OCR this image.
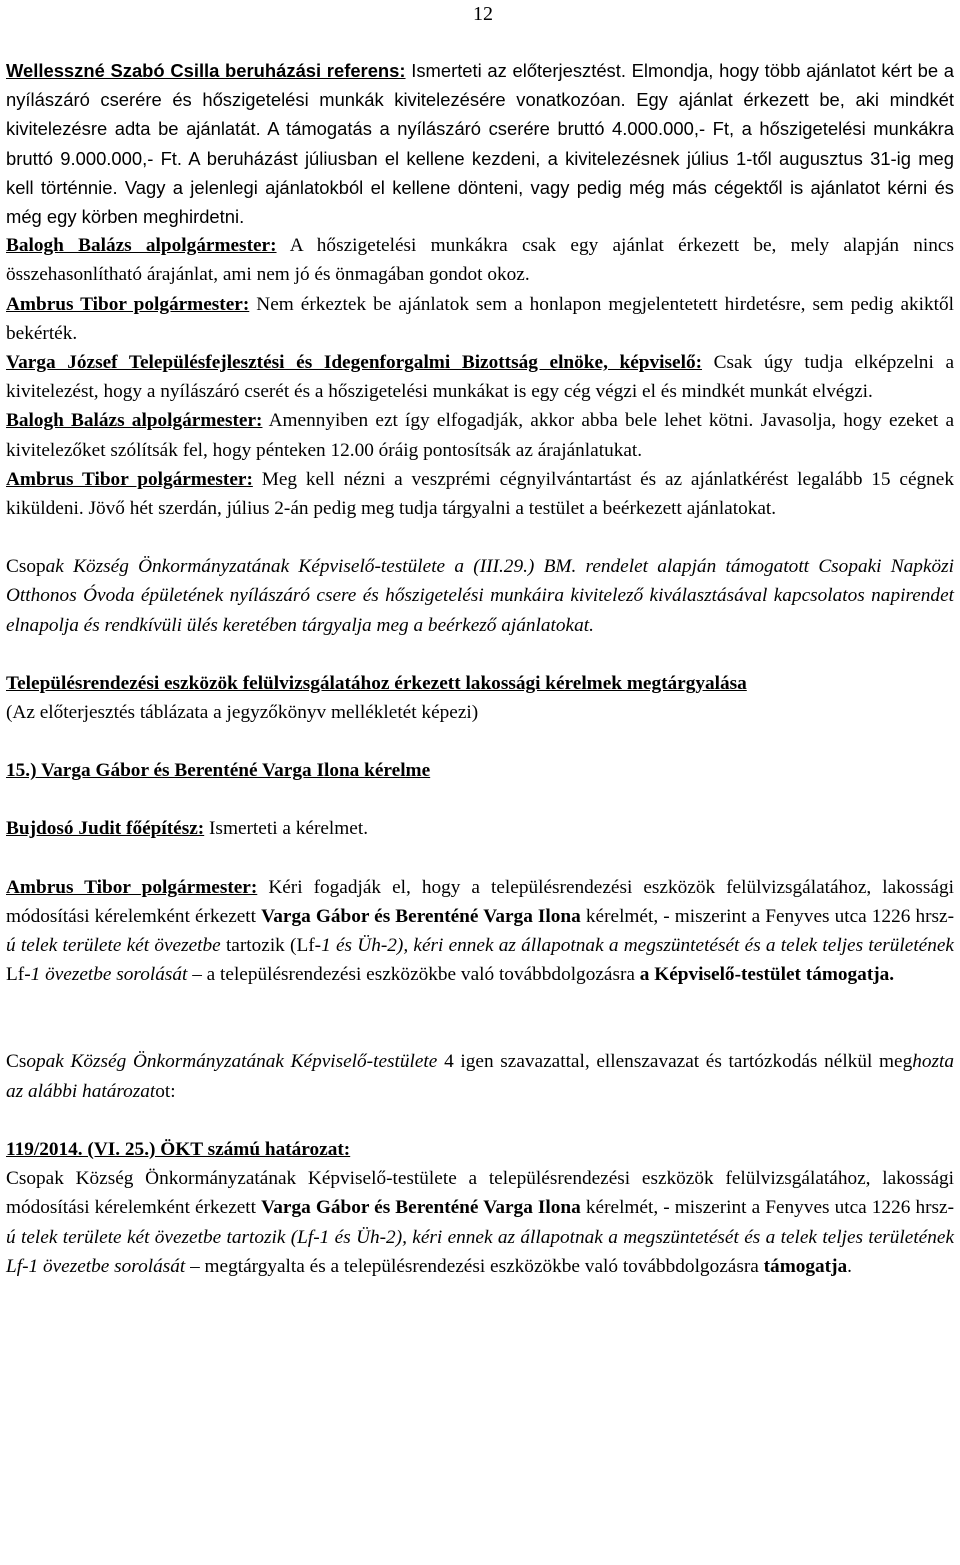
12

Wellesszné Szabó Csilla beruházási referens: Ismerteti az előterjesztést. Elmondja, hogy több ajánlatot kért be a nyílászáró cserére és hőszigetelési munkák kivitelezésére vonatkozóan. Egy ajánlat érkezett be, aki mindkét kivitelezésre adta be ajánlatát. A támogatás a nyílászáró cserére bruttó 4.000.000,- Ft, a hőszigetelési munkákra bruttó 9.000.000,- Ft. A beruházást júliusban el kellene kezdeni, a kivitelezésnek július 1-től augusztus 31-ig meg kell történnie. Vagy a jelenlegi ajánlatokból el kellene dönteni, vagy pedig még más cégektől is ajánlatot kérni és még egy körben meghirdetni.

Balogh Balázs alpolgármester: A hőszigetelési munkákra csak egy ajánlat érkezett be, mely alapján nincs összehasonlítható árajánlat, ami nem jó és önmagában gondot okoz.

Ambrus Tibor polgármester: Nem érkeztek be ajánlatok sem a honlapon megjelentetett hirdetésre, sem pedig akiktől bekérték.

Varga József Településfejlesztési és Idegenforgalmi Bizottság elnöke, képviselő: Csak úgy tudja elképzelni a kivitelezést, hogy a nyílászáró cserét és a hőszigetelési munkákat is egy cég végzi el és mindkét munkát elvégzi.

Balogh Balázs alpolgármester: Amennyiben ezt így elfogadják, akkor abba bele lehet kötni. Javasolja, hogy ezeket a kivitelezőket szólítsák fel, hogy pénteken 12.00 óráig pontosítsák az árajánlatukat.

Ambrus Tibor polgármester: Meg kell nézni a veszprémi cégnyilvántartást és az ajánlatkérést legalább 15 cégnek kiküldeni. Jövő hét szerdán, július 2-án pedig meg tudja tárgyalni a testület a beérkezett ajánlatokat.

Csopak Község Önkormányzatának Képviselő-testülete a (III.29.) BM. rendelet alapján támogatott Csopaki Napközi Otthonos Óvoda épületének nyílászáró csere és hőszigetelési munkáira kivitelező kiválasztásával kapcsolatos napirendet elnapolja és rendkívüli ülés keretében tárgyalja meg a beérkező ajánlatokat.

Településrendezési eszközök felülvizsgálatához érkezett lakossági kérelmek megtárgyalása

(Az előterjesztés táblázata a jegyzőkönyv mellékletét képezi)

15.) Varga Gábor és Berenténé Varga Ilona kérelme

Bujdosó Judit főépítész: Ismerteti a kérelmet.

Ambrus Tibor polgármester: Kéri fogadják el, hogy a településrendezési eszközök felülvizsgálatához, lakossági módosítási kérelemként érkezett Varga Gábor és Berenténé Varga Ilona kérelmét, - miszerint a Fenyves utca 1226 hrsz-ú telek területe két övezetbe tartozik (Lf-1 és Üh-2), kéri ennek az állapotnak a megszüntetését és a telek teljes területének Lf-1 övezetbe sorolását – a településrendezési eszközökbe való továbbdolgozásra a Képviselő-testület támogatja.

Csopak Község Önkormányzatának Képviselő-testülete 4 igen szavazattal, ellenszavazat és tartózkodás nélkül meghozta az alábbi határozatot:

119/2014. (VI. 25.) ÖKT számú határozat:

Csopak Község Önkormányzatának Képviselő-testülete a településrendezési eszközök felülvizsgálatához, lakossági módosítási kérelemként érkezett Varga Gábor és Berenténé Varga Ilona kérelmét, - miszerint a Fenyves utca 1226 hrsz-ú telek területe két övezetbe tartozik (Lf-1 és Üh-2), kéri ennek az állapotnak a megszüntetését és a telek teljes területének Lf-1 övezetbe sorolását – megtárgyalta és a településrendezési eszközökbe való továbbdolgozásra támogatja.
